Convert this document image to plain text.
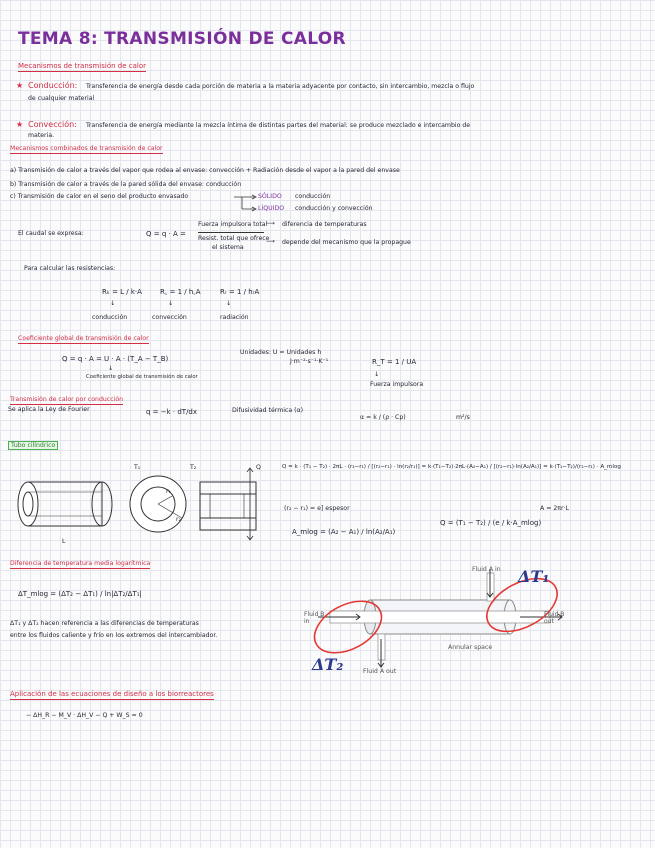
TEMA 8: TRANSMISIÓN DE CALOR
Mecanismos de transmisión de calor
★ Conducción: Transferencia de energía desde cada porción de materia a la materia adyacente por contacto, sin intercambio, mezcla o flujo
de cualquier material
★ Convección: Transferencia de energía mediante la mezcla íntima de distintas partes del material: se produce mezclado e intercambio de
materia.
Mecanismos combinados de transmisión de calor
a) Transmisión de calor a través del vapor que rodea al envase: convección + Radiación desde el vapor a la pared del envase
b) Transmisión de calor a través de la pared sólida del envase: conducción
c) Transmisión de calor en el seno del producto envasado	SÓLIDO conducción
LÍQUIDO conducción y convección
El caudal se expresa:	Q = q · A =
Fuerza impulsora total
Resist. total que ofrece
el sistema
⟶ diferencia de temperaturas
⟶ depende del mecanismo que la propague
Para calcular las resistencias:
Rₖ = L / k·A	R꜀ = 1 / h꜀A	Rᵣ = 1 / hᵣA
↓	↓	↓
conducción	convección	radiación
Coeficiente global de transmisión de calor
Q = q · A = U · A · (T_A − T_B)
↓
Coeficiente global de transmisión de calor
Unidades: U = Unidades h
J·m⁻²·s⁻¹·K⁻¹	R_T = 1 / UA
↓
Fuerza impulsora
Transmisión de calor por conducción
Se aplica la Ley de Fourier	q = −k · dT/dx	Difusividad térmica (α)
α = k / (ρ · Cp)	m²/s
Tubo cilíndrico
T₁	T₂
r₁
r₂
Q
L
Q = k · (T₁ − T₂) · 2πL · (r₂−r₁) / [(r₂−r₁) · ln(r₂/r₁)] = k·(T₁−T₂)·2πL·(A₂−A₁) / [(r₂−r₁)·ln(A₂/A₁)] = k·(T₁−T₂)/(r₂−r₁) · A_mlog
(r₂ − r₁) = e] espesor	A = 2πr·L
A_mlog = (A₂ − A₁) / ln(A₂/A₁)
Q = (T₁ − T₂) / (e / k·A_mlog)
Diferencia de temperatura media logarítmica
ΔT_mlog = (ΔT₂ − ΔT₁) / ln|ΔT₂/ΔT₁|
ΔT₁ y ΔT₂ hacen referencia a las diferencias de temperaturas
entre los fluidos caliente y frío en los extremos del intercambiador.
Fluid A in
Fluid A out
Fluid B
in
Fluid B
out
Annular space
ΔT₁
ΔT₂
Aplicación de las ecuaciones de diseño a los biorreactores
− ΔH_R − M_V · ΔH_V − Q + W_S = 0
